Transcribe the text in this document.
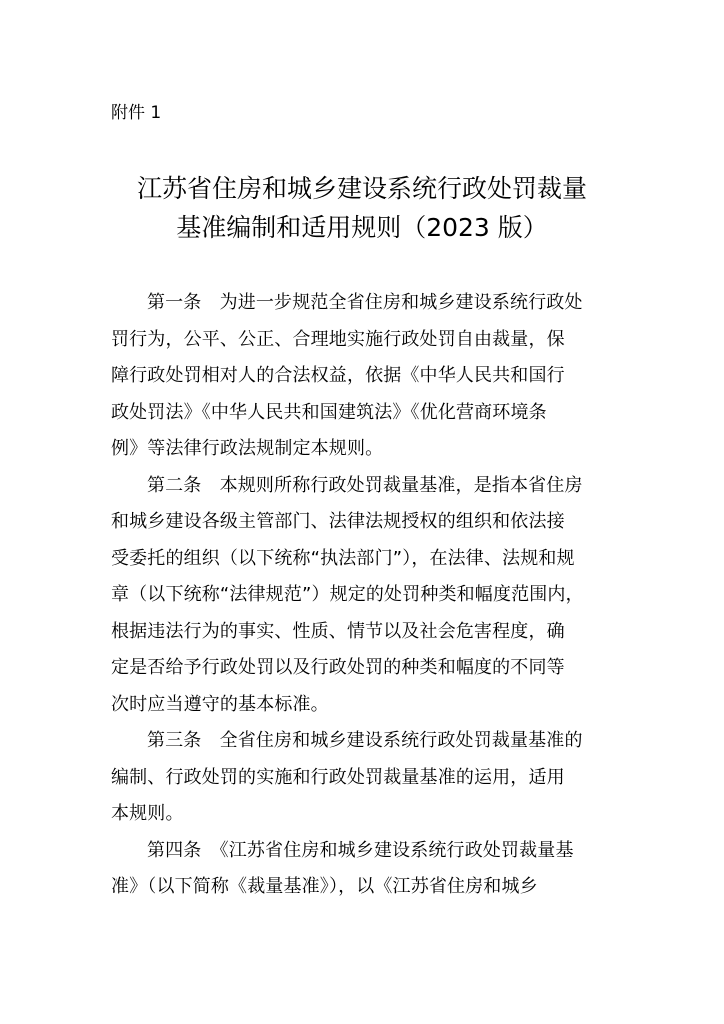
附件 1
江苏省住房和城乡建设系统行政处罚裁量
基准编制和适用规则（2023 版）
第一条　为进一步规范全省住房和城乡建设系统行政处
罚行为，公平、公正、合理地实施行政处罚自由裁量，保
障行政处罚相对人的合法权益，依据《中华人民共和国行
政处罚法》《中华人民共和国建筑法》《优化营商环境条
例》等法律行政法规制定本规则。
第二条　本规则所称行政处罚裁量基准，是指本省住房
和城乡建设各级主管部门、法律法规授权的组织和依法接
受委托的组织（以下统称“执法部门”），在法律、法规和规
章（以下统称“法律规范”）规定的处罚种类和幅度范围内，
根据违法行为的事实、性质、情节以及社会危害程度，确
定是否给予行政处罚以及行政处罚的种类和幅度的不同等
次时应当遵守的基本标准。
第三条　全省住房和城乡建设系统行政处罚裁量基准的
编制、行政处罚的实施和行政处罚裁量基准的运用，适用
本规则。
第四条　《江苏省住房和城乡建设系统行政处罚裁量基
准》（以下简称《裁量基准》），以《江苏省住房和城乡
